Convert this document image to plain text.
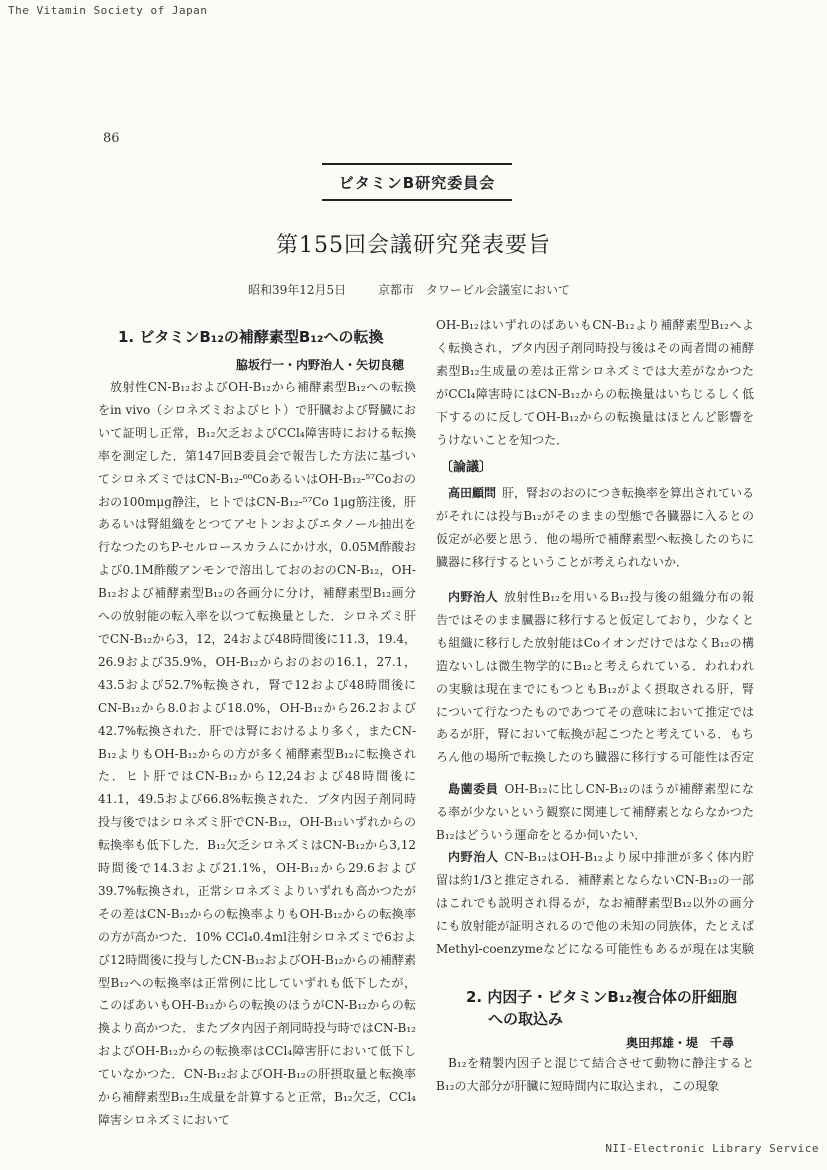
The Vitamin Society of Japan
86
ビタミンB研究委員会
第155回会議研究発表要旨
昭和39年12月5日	京都市　タワービル会議室において
1. ビタミンB₁₂の補酵素型B₁₂への転換
脇坂行一・内野治人・矢切良穂
放射性CN-B₁₂およびOH-B₁₂から補酵素型B₁₂への転換をin vivo（シロネズミおよびヒト）で肝臓および腎臓において証明し正常，B₁₂欠乏およびCCl₄障害時における転換率を測定した．第147回B委員会で報告した方法に基づいてシロネズミではCN-B₁₂-⁶⁰CoあるいはOH-B₁₂-⁵⁷Coおのおの100mμg静注，ヒトではCN-B₁₂-⁵⁷Co 1μg筋注後，肝あるいは腎組織をとつてアセトンおよびエタノール抽出を行なつたのちP-セルロースカラムにかけ水，0.05M酢酸および0.1M酢酸アンモンで溶出しておのおのCN-B₁₂，OH-B₁₂および補酵素型B₁₂の各画分に分け，補酵素型B₁₂画分への放射能の転入率を以つて転換量とした．シロネズミ肝でCN-B₁₂から3，12，24および48時間後に11.3，19.4，26.9および35.9%，OH-B₁₂からおのおの16.1，27.1，43.5および52.7%転換され，腎で12および48時間後にCN-B₁₂から8.0および18.0%，OH-B₁₂から26.2および42.7%転換された．肝では腎におけるより多く，またCN-B₁₂よりもOH-B₁₂からの方が多く補酵素型B₁₂に転換された．ヒト肝ではCN-B₁₂から12,24および48時間後に41.1，49.5および66.8%転換された．ブタ内因子剤同時投与後ではシロネズミ肝でCN-B₁₂，OH-B₁₂いずれからの転換率も低下した．B₁₂欠乏シロネズミはCN-B₁₂から3,12時間後で14.3および21.1%，OH-B₁₂から29.6および39.7%転換され，正常シロネズミよりいずれも高かつたがその差はCN-B₁₂からの転換率よりもOH-B₁₂からの転換率の方が高かつた．10% CCl₄0.4ml注射シロネズミで6および12時間後に投与したCN-B₁₂およびOH-B₁₂からの補酵素型B₁₂への転換率は正常例に比していずれも低下したが，このばあいもOH-B₁₂からの転換のほうがCN-B₁₂からの転換より高かつた．またブタ内因子剤同時投与時ではCN-B₁₂およびOH-B₁₂からの転換率はCCl₄障害肝において低下していなかつた．CN-B₁₂およびOH-B₁₂の肝摂取量と転換率から補酵素型B₁₂生成量を計算すると正常，B₁₂欠乏，CCl₄障害シロネズミにおいて
OH-B₁₂はいずれのばあいもCN-B₁₂より補酵素型B₁₂へよく転換され，ブタ内因子剤同時投与後はその両者間の補酵素型B₁₂生成量の差は正常シロネズミでは大差がなかつたがCCl₄障害時にはCN-B₁₂からの転換量はいちじるしく低下するのに反してOH-B₁₂からの転換量はほとんど影響をうけないことを知つた．
〔論議〕
高田顧問 肝，腎おのおのにつき転換率を算出されているがそれには投与B₁₂がそのままの型態で各臓器に入るとの仮定が必要と思う．他の場所で補酵素型へ転換したのちに臓器に移行するということが考えられないか．
内野治人 放射性B₁₂を用いるB₁₂投与後の組織分布の報告ではそのまま臓器に移行すると仮定しており，少なくとも組織に移行した放射能はCoイオンだけではなくB₁₂の構造ないしは微生物学的にB₁₂と考えられている．われわれの実験は現在までにもつともB₁₂がよく摂取される肝，腎について行なつたものであつてその意味において推定ではあるが肝，腎において転換が起こつたと考えている．もちろん他の場所で転換したのち臓器に移行する可能性は否定
島薗委員 OH-B₁₂に比しCN-B₁₂のほうが補酵素型になる率が少ないという観察に関連して補酵素とならなかつたB₁₂はどういう運命をとるか伺いたい．
内野治人 CN-B₁₂はOH-B₁₂より尿中排泄が多く体内貯留は約1/3と推定される．補酵素とならないCN-B₁₂の一部はこれでも説明され得るが，なお補酵素型B₁₂以外の画分にも放射能が証明されるので他の未知の同族体，たとえばMethyl-coenzymeなどになる可能性もあるが現在は実験
2. 内因子・ビタミンB₁₂複合体の肝細胞
への取込み
奥田邦雄・堤　千尋
B₁₂を精製内因子と混じて結合させて動物に静注するとB₁₂の大部分が肝臓に短時間内に取込まれ，この現象
NII-Electronic Library Service
